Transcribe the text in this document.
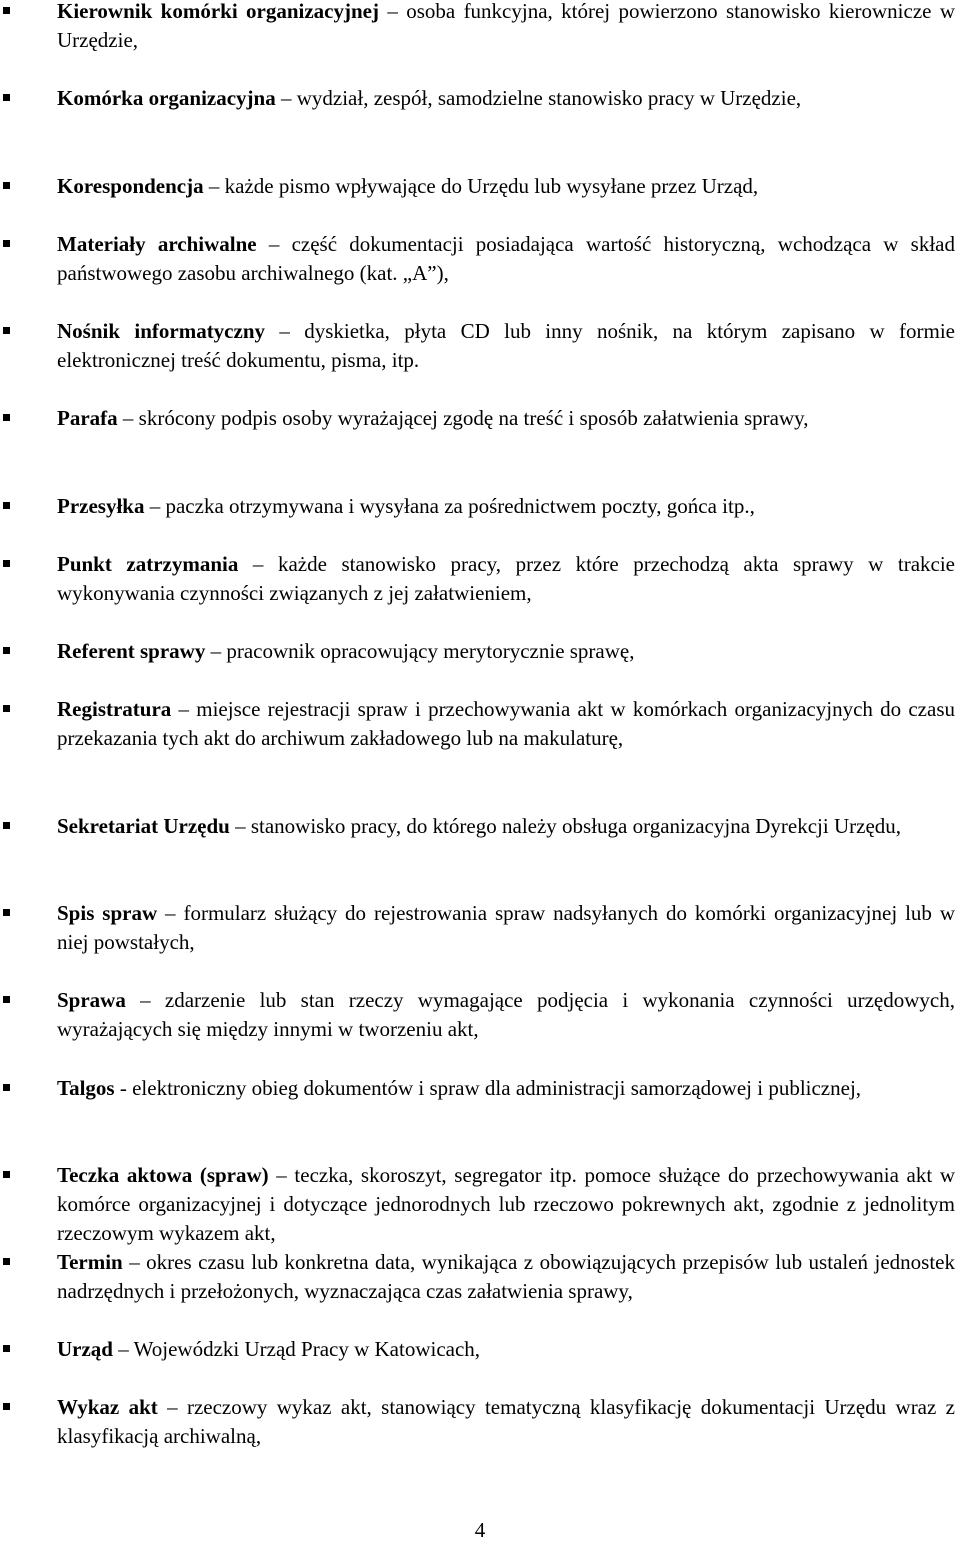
Kierownik komórki organizacyjnej – osoba funkcyjna, której powierzono stanowisko kierownicze w Urzędzie,
Komórka organizacyjna – wydział, zespół, samodzielne stanowisko pracy w Urzędzie,
Korespondencja – każde pismo wpływające do Urzędu lub wysyłane przez Urząd,
Materiały archiwalne – część dokumentacji posiadająca wartość historyczną, wchodząca w skład państwowego zasobu archiwalnego (kat. „A”),
Nośnik informatyczny – dyskietka, płyta CD lub inny nośnik, na którym zapisano w formie elektronicznej treść dokumentu, pisma, itp.
Parafa – skrócony podpis osoby wyrażającej zgodę na treść i sposób załatwienia sprawy,
Przesyłka – paczka otrzymywana i wysyłana za pośrednictwem poczty, gońca itp.,
Punkt zatrzymania – każde stanowisko pracy, przez które przechodzą akta sprawy w trakcie wykonywania czynności związanych z jej załatwieniem,
Referent sprawy – pracownik opracowujący merytorycznie sprawę,
Registratura – miejsce rejestracji spraw i przechowywania akt w komórkach organizacyjnych do czasu przekazania tych akt do archiwum zakładowego lub na makulaturę,
Sekretariat Urzędu – stanowisko pracy, do którego należy obsługa organizacyjna Dyrekcji Urzędu,
Spis spraw – formularz służący do rejestrowania spraw nadsyłanych do komórki organizacyjnej lub w niej powstałych,
Sprawa – zdarzenie lub stan rzeczy wymagające podjęcia i wykonania czynności urzędowych, wyrażających się między innymi w tworzeniu akt,
Talgos - elektroniczny obieg dokumentów i spraw dla administracji samorządowej i publicznej,
Teczka aktowa (spraw) – teczka, skoroszyt, segregator itp. pomoce służące do przechowywania akt w komórce organizacyjnej i dotyczące jednorodnych lub rzeczowo pokrewnych akt, zgodnie z jednolitym rzeczowym wykazem akt,
Termin – okres czasu lub konkretna data, wynikająca z obowiązujących przepisów lub ustaleń jednostek nadrzędnych i przełożonych, wyznaczająca czas załatwienia sprawy,
Urząd – Wojewódzki Urząd Pracy w Katowicach,
Wykaz akt – rzeczowy wykaz akt, stanowiący tematyczną klasyfikację dokumentacji Urzędu wraz z klasyfikacją archiwalną,
4
